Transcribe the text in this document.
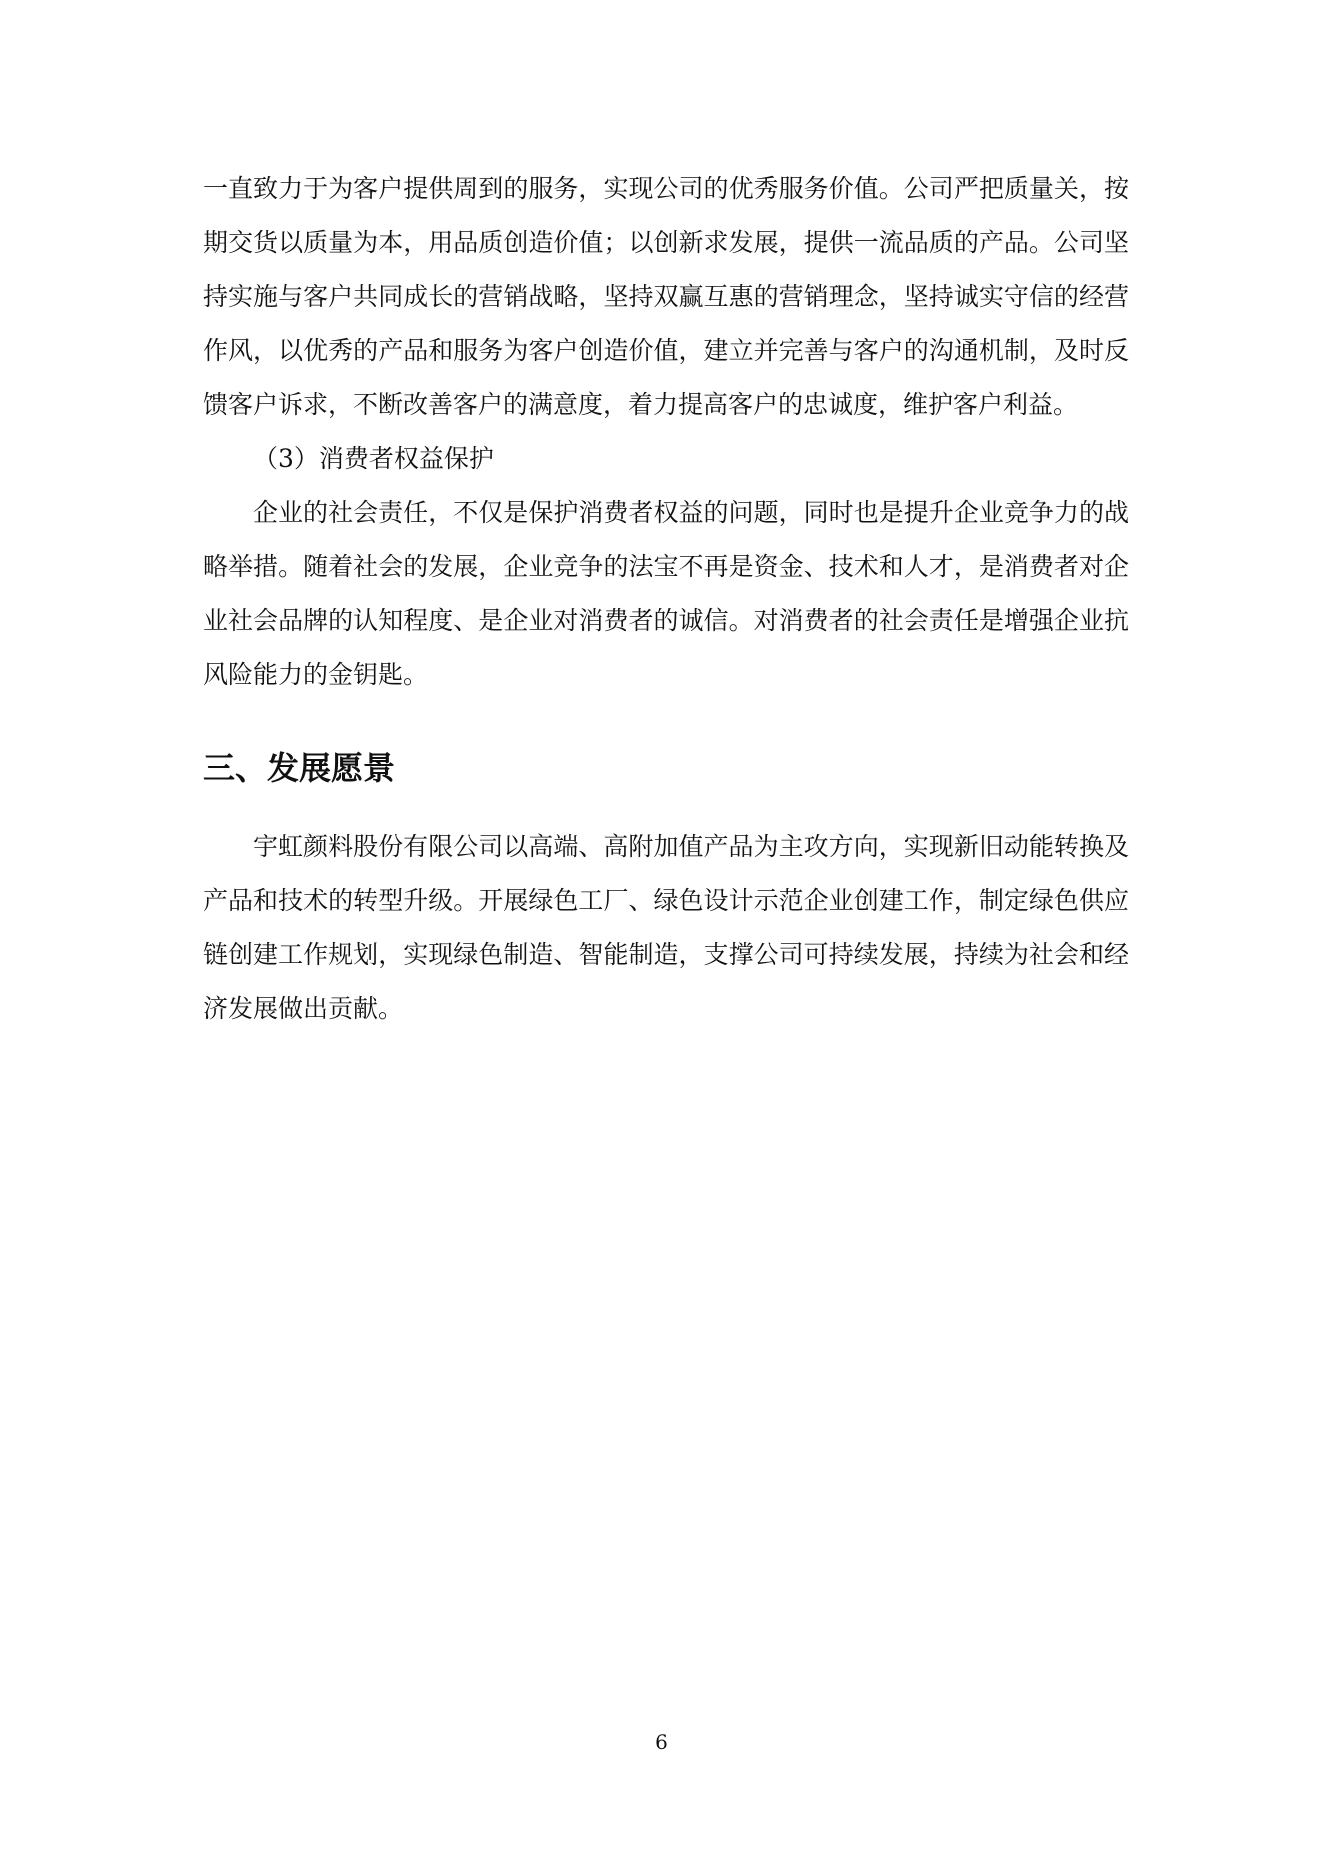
一直致力于为客户提供周到的服务，实现公司的优秀服务价值。公司严把质量关，按期交货以质量为本，用品质创造价值；以创新求发展，提供一流品质的产品。公司坚持实施与客户共同成长的营销战略，坚持双赢互惠的营销理念，坚持诚实守信的经营作风，以优秀的产品和服务为客户创造价值，建立并完善与客户的沟通机制，及时反馈客户诉求，不断改善客户的满意度，着力提高客户的忠诚度，维护客户利益。

（3）消费者权益保护

企业的社会责任，不仅是保护消费者权益的问题，同时也是提升企业竞争力的战略举措。随着社会的发展，企业竞争的法宝不再是资金、技术和人才，是消费者对企业社会品牌的认知程度、是企业对消费者的诚信。对消费者的社会责任是增强企业抗风险能力的金钥匙。

三、发展愿景

宇虹颜料股份有限公司以高端、高附加值产品为主攻方向，实现新旧动能转换及产品和技术的转型升级。开展绿色工厂、绿色设计示范企业创建工作，制定绿色供应链创建工作规划，实现绿色制造、智能制造，支撑公司可持续发展，持续为社会和经济发展做出贡献。

6
